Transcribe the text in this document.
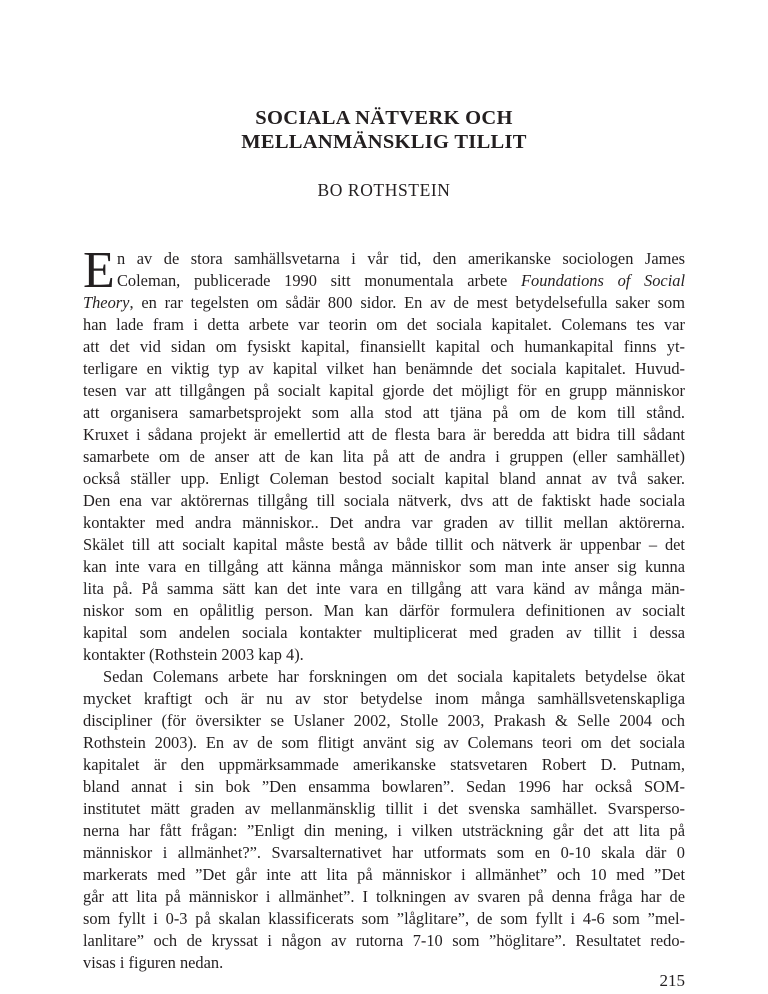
SOCIALA NÄTVERK OCH
MELLANMÄNSKLIG TILLIT
BO ROTHSTEIN
E n av de stora samhällsvetarna i vår tid, den amerikanske sociologen James
Coleman, publicerade 1990 sitt monumentala arbete Foundations of Social
Theory, en rar tegelsten om sådär 800 sidor. En av de mest betydelsefulla saker som
han lade fram i detta arbete var teorin om det sociala kapitalet. Colemans tes var
att det vid sidan om fysiskt kapital, finansiellt kapital och humankapital finns yt-
terligare en viktig typ av kapital vilket han benämnde det sociala kapitalet. Huvud-
tesen var att tillgången på socialt kapital gjorde det möjligt för en grupp människor
att organisera samarbetsprojekt som alla stod att tjäna på om de kom till stånd.
Kruxet i sådana projekt är emellertid att de flesta bara är beredda att bidra till sådant
samarbete om de anser att de kan lita på att de andra i gruppen (eller samhället)
också ställer upp. Enligt Coleman bestod socialt kapital bland annat av två saker.
Den ena var aktörernas tillgång till sociala nätverk, dvs att de faktiskt hade sociala
kontakter med andra människor.. Det andra var graden av tillit mellan aktörerna.
Skälet till att socialt kapital måste bestå av både tillit och nätverk är uppenbar – det
kan inte vara en tillgång att känna många människor som man inte anser sig kunna
lita på. På samma sätt kan det inte vara en tillgång att vara känd av många män-
niskor som en opålitlig person. Man kan därför formulera definitionen av socialt
kapital som andelen sociala kontakter multiplicerat med graden av tillit i dessa
kontakter (Rothstein 2003 kap 4).
Sedan Colemans arbete har forskningen om det sociala kapitalets betydelse ökat
mycket kraftigt och är nu av stor betydelse inom många samhällsvetenskapliga
discipliner (för översikter se Uslaner 2002, Stolle 2003, Prakash & Selle 2004 och
Rothstein 2003). En av de som flitigt använt sig av Colemans teori om det sociala
kapitalet är den uppmärksammade amerikanske statsvetaren Robert D. Putnam,
bland annat i sin bok ”Den ensamma bowlaren”. Sedan 1996 har också SOM-
institutet mätt graden av mellanmänsklig tillit i det svenska samhället. Svarsperso-
nerna har fått frågan: ”Enligt din mening, i vilken utsträckning går det att lita på
människor i allmänhet?”. Svarsalternativet har utformats som en 0-10 skala där 0
markerats med ”Det går inte att lita på människor i allmänhet” och 10 med ”Det
går att lita på människor i allmänhet”. I tolkningen av svaren på denna fråga har de
som fyllt i 0-3 på skalan klassificerats som ”låglitare”, de som fyllt i 4-6 som ”mel-
lanlitare” och de kryssat i någon av rutorna 7-10 som ”höglitare”. Resultatet redo-
visas i figuren nedan.
215
